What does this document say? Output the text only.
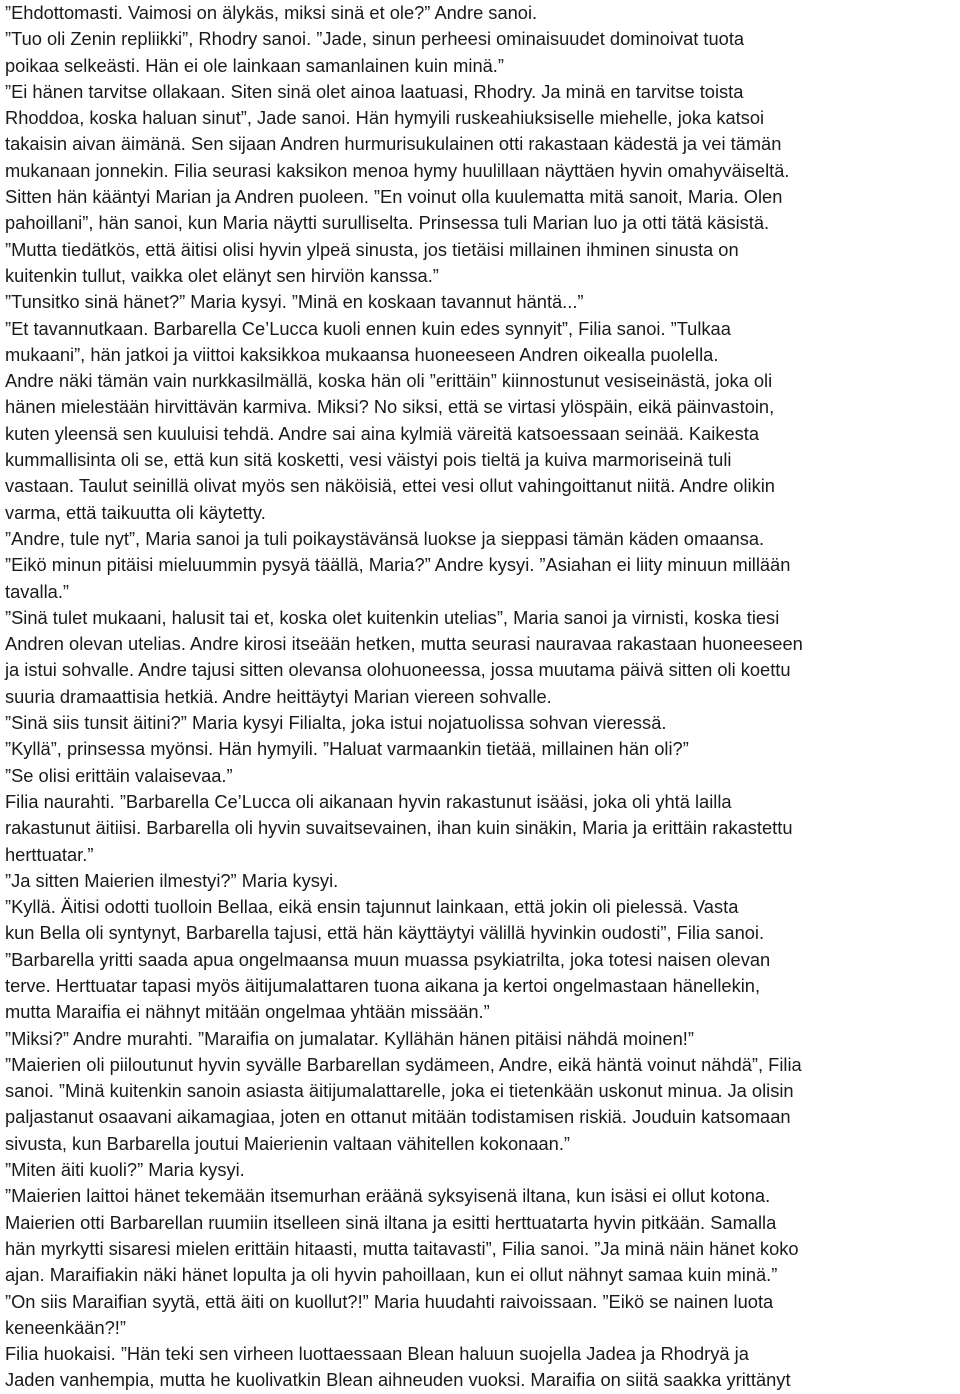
”Ehdottomasti. Vaimosi on älykäs, miksi sinä et ole?” Andre sanoi.
”Tuo oli Zenin repliikki”, Rhodry sanoi. ”Jade, sinun perheesi ominaisuudet dominoivat tuota
poikaa selkeästi. Hän ei ole lainkaan samanlainen kuin minä.”
”Ei hänen tarvitse ollakaan. Siten sinä olet ainoa laatuasi, Rhodry. Ja minä en tarvitse toista
Rhoddoa, koska haluan sinut”, Jade sanoi. Hän hymyili ruskeahiuksiselle miehelle, joka katsoi
takaisin aivan äimänä. Sen sijaan Andren hurmurisukulainen otti rakastaan kädestä ja vei tämän
mukanaan jonnekin. Filia seurasi kaksikon menoa hymy huulillaan näyttäen hyvin omahyväiseltä.
Sitten hän kääntyi Marian ja Andren puoleen. ”En voinut olla kuulematta mitä sanoit, Maria. Olen
pahoillani”, hän sanoi, kun Maria näytti surulliselta. Prinsessa tuli Marian luo ja otti tätä käsistä.
”Mutta tiedätkös, että äitisi olisi hyvin ylpeä sinusta, jos tietäisi millainen ihminen sinusta on
kuitenkin tullut, vaikka olet elänyt sen hirviön kanssa.”
”Tunsitko sinä hänet?” Maria kysyi. ”Minä en koskaan tavannut häntä...”
”Et tavannutkaan. Barbarella Ce’Lucca kuoli ennen kuin edes synnyit”, Filia sanoi. ”Tulkaa
mukaani”, hän jatkoi ja viittoi kaksikkoa mukaansa huoneeseen Andren oikealla puolella.
Andre näki tämän vain nurkkasilmällä, koska hän oli ”erittäin” kiinnostunut vesiseinästä, joka oli
hänen mielestään hirvittävän karmiva. Miksi? No siksi, että se virtasi ylöspäin, eikä päinvastoin,
kuten yleensä sen kuuluisi tehdä. Andre sai aina kylmiä väreitä katsoessaan seinää. Kaikesta
kummallisinta oli se, että kun sitä kosketti, vesi väistyi pois tieltä ja kuiva marmoriseinä tuli
vastaan. Taulut seinillä olivat myös sen näköisiä, ettei vesi ollut vahingoittanut niitä. Andre olikin
varma, että taikuutta oli käytetty.
”Andre, tule nyt”, Maria sanoi ja tuli poikaystävänsä luokse ja sieppasi tämän käden omaansa.
”Eikö minun pitäisi mieluummin pysyä täällä, Maria?” Andre kysyi. ”Asiahan ei liity minuun millään
tavalla.”
”Sinä tulet mukaani, halusit tai et, koska olet kuitenkin utelias”, Maria sanoi ja virnisti, koska tiesi
Andren olevan utelias. Andre kirosi itseään hetken, mutta seurasi nauravaa rakastaan huoneeseen
ja istui sohvalle. Andre tajusi sitten olevansa olohuoneessa, jossa muutama päivä sitten oli koettu
suuria dramaattisia hetkiä. Andre heittäytyi Marian viereen sohvalle.
”Sinä siis tunsit äitini?” Maria kysyi Filialta, joka istui nojatuolissa sohvan vieressä.
”Kyllä”, prinsessa myönsi. Hän hymyili. ”Haluat varmaankin tietää, millainen hän oli?”
”Se olisi erittäin valaisevaa.”
Filia naurahti. ”Barbarella Ce’Lucca oli aikanaan hyvin rakastunut isääsi, joka oli yhtä lailla
rakastunut äitiisi. Barbarella oli hyvin suvaitsevainen, ihan kuin sinäkin, Maria ja erittäin rakastettu
herttuatar.”
”Ja sitten Maierien ilmestyi?” Maria kysyi.
”Kyllä. Äitisi odotti tuolloin Bellaa, eikä ensin tajunnut lainkaan, että jokin oli pielessä. Vasta
kun Bella oli syntynyt, Barbarella tajusi, että hän käyttäytyi välillä hyvinkin oudosti”, Filia sanoi.
”Barbarella yritti saada apua ongelmaansa muun muassa psykiatrilta, joka totesi naisen olevan
terve. Herttuatar tapasi myös äitijumalattaren tuona aikana ja kertoi ongelmastaan hänellekin,
mutta Maraifia ei nähnyt mitään ongelmaa yhtään missään.”
”Miksi?” Andre murahti. ”Maraifia on jumalatar. Kyllähän hänen pitäisi nähdä moinen!”
”Maierien oli piiloutunut hyvin syvälle Barbarellan sydämeen, Andre, eikä häntä voinut nähdä”, Filia
sanoi. ”Minä kuitenkin sanoin asiasta äitijumalattarelle, joka ei tietenkään uskonut minua. Ja olisin
paljastanut osaavani aikamagiaa, joten en ottanut mitään todistamisen riskiä. Jouduin katsomaan
sivusta, kun Barbarella joutui Maierienin valtaan vähitellen kokonaan.”
”Miten äiti kuoli?” Maria kysyi.
”Maierien laittoi hänet tekemään itsemurhan eräänä syksyisenä iltana, kun isäsi ei ollut kotona.
Maierien otti Barbarellan ruumiin itselleen sinä iltana ja esitti herttuatarta hyvin pitkään. Samalla
hän myrkytti sisaresi mielen erittäin hitaasti, mutta taitavasti”, Filia sanoi. ”Ja minä näin hänet koko
ajan. Maraifiakin näki hänet lopulta ja oli hyvin pahoillaan, kun ei ollut nähnyt samaa kuin minä.”
”On siis Maraifian syytä, että äiti on kuollut?!” Maria huudahti raivoissaan. ”Eikö se nainen luota
keneenkään?!”
Filia huokaisi. ”Hän teki sen virheen luottaessaan Blean haluun suojella Jadea ja Rhodryä ja
Jaden vanhempia, mutta he kuolivatkin Blean aihneuden vuoksi. Maraifia on siitä saakka yrittänyt
